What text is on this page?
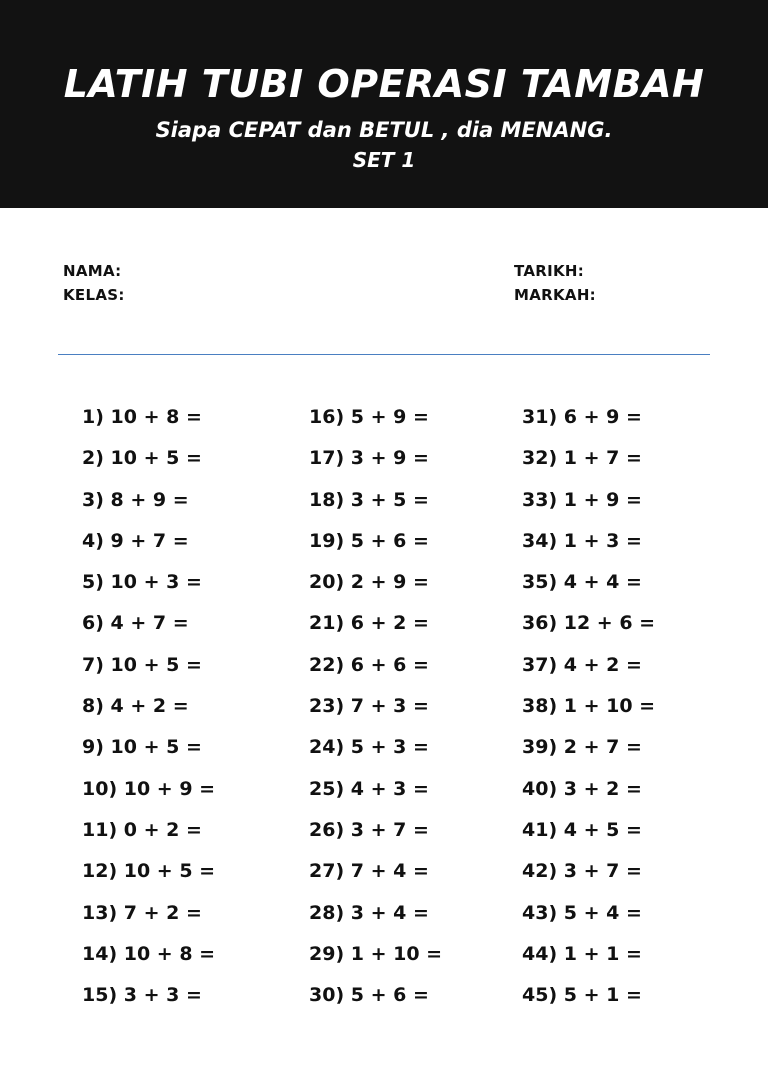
LATIH TUBI OPERASI TAMBAH
Siapa CEPAT dan BETUL , dia MENANG.
SET 1
NAMA:
KELAS:
TARIKH:
MARKAH:
1) 10 + 8 =
2) 10 + 5 =
3) 8 + 9 =
4) 9 + 7 =
5) 10 + 3 =
6) 4 + 7 =
7) 10 + 5 =
8) 4 + 2 =
9) 10 + 5 =
10) 10 + 9 =
11) 0 + 2 =
12) 10 + 5 =
13) 7 + 2 =
14) 10 + 8 =
15) 3 + 3 =
16) 5 + 9 =
17) 3 + 9 =
18) 3 + 5 =
19) 5 + 6 =
20) 2 + 9 =
21) 6 + 2 =
22) 6 + 6 =
23) 7 + 3 =
24) 5 + 3 =
25) 4 + 3 =
26) 3 + 7 =
27) 7 + 4 =
28) 3 + 4 =
29) 1 + 10 =
30) 5 + 6 =
31) 6 + 9 =
32) 1 + 7 =
33) 1 + 9 =
34) 1 + 3 =
35) 4 + 4 =
36) 12 + 6 =
37) 4 + 2 =
38) 1 + 10 =
39) 2 + 7 =
40) 3 + 2 =
41) 4 + 5 =
42) 3 + 7 =
43) 5 + 4 =
44) 1 + 1 =
45) 5 + 1 =
